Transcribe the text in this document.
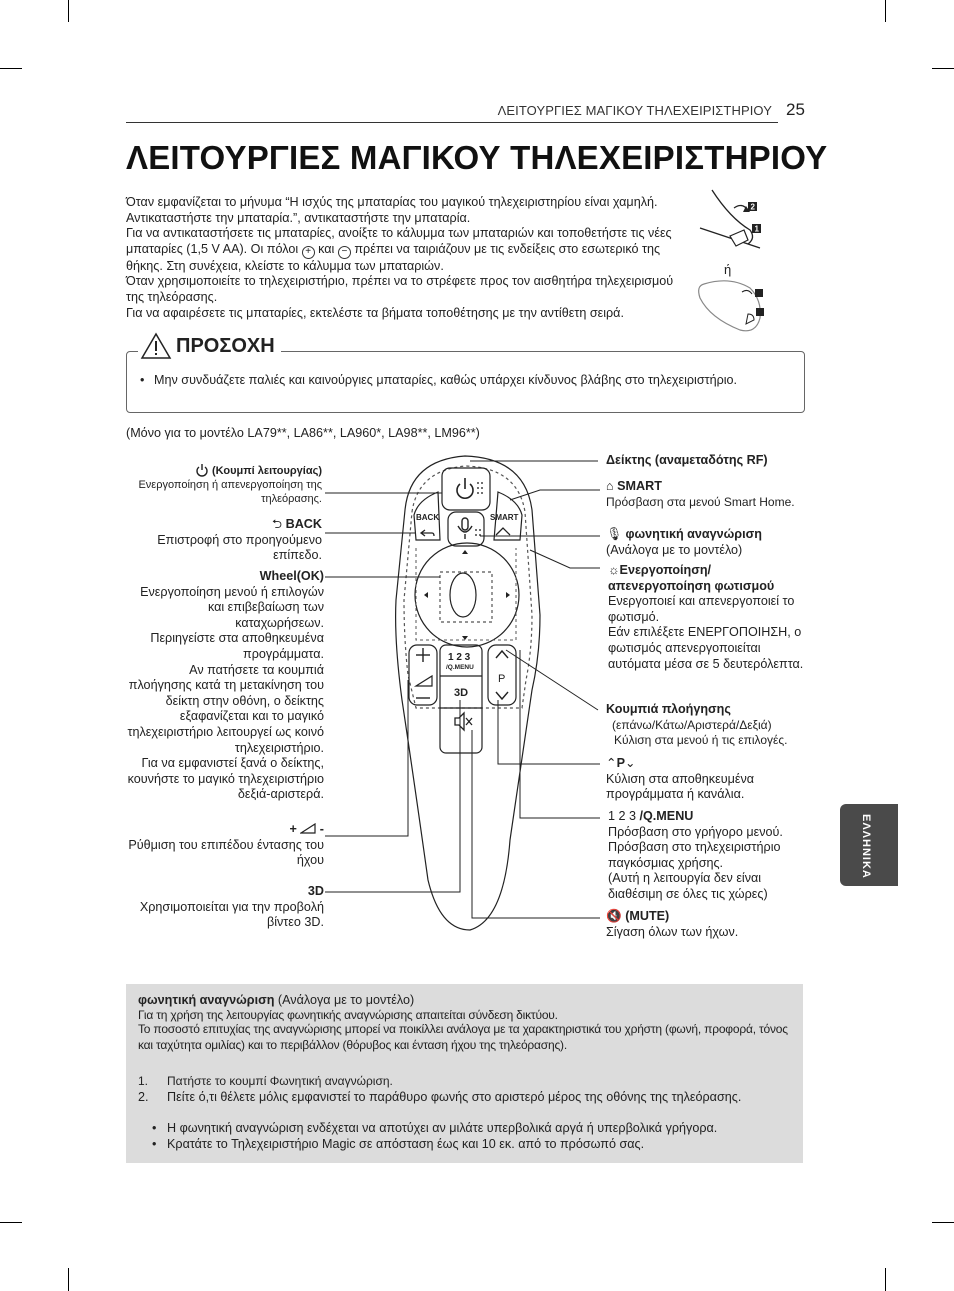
ΛΕΙΤΟΥΡΓΙΕΣ ΜΑΓΙΚΟΥ ΤΗΛΕΧΕΙΡΙΣΤΗΡΙΟΥ 25
ΛΕΙΤΟΥΡΓΙΕΣ ΜΑΓΙΚΟΥ ΤΗΛΕΧΕΙΡΙΣΤΗΡΙΟΥ

Όταν εμφανίζεται το μήνυμα “Η ισχύς της μπαταρίας του μαγικού τηλεχειριστηρίου είναι χαμηλή. Αντικαταστήστε την μπαταρία.”, αντικαταστήστε την μπαταρία.

Για να αντικαταστήσετε τις μπαταρίες, ανοίξτε το κάλυμμα των μπαταριών και τοποθετήστε τις νέες μπαταρίες (1,5 V AA). Οι πόλοι + και − πρέπει να ταιριάζουν με τις ενδείξεις στο εσωτερικό της θήκης. Στη συνέχεια, κλείστε το κάλυμμα των μπαταριών.

Όταν χρησιμοποιείτε το τηλεχειριστήριο, πρέπει να το στρέφετε προς τον αισθητήρα τηλεχειρισμού της τηλεόρασης.

Για να αφαιρέσετε τις μπαταρίες, εκτελέστε τα βήματα τοποθέτησης με την αντίθετη σειρά.

2
1
ή
ΠΡΟΣΟΧΗ
• Μην συνδυάζετε παλιές και καινούργιες μπαταρίες, καθώς υπάρχει κίνδυνος βλάβης στο τηλεχειριστήριο.
(Μόνο για το μοντέλο LA79**, LA86**, LA960*, LA98**, LM96**)
BACK	SMART
1 2 3
/Q.MENU
3D
P
(Κουμπί λειτουργίας)
Ενεργοποίηση ή απενεργοποίηση της τηλεόρασης.
⮌ BACK
Επιστροφή στο προηγούμενο επίπεδο.
Wheel(OK)
Ενεργοποίηση μενού ή επιλογών και επιβεβαίωση των καταχωρήσεων.
Περιηγείστε στα αποθηκευμένα προγράμματα.
Αν πατήσετε τα κουμπιά πλοήγησης κατά τη μετακίνηση του δείκτη στην οθόνη, ο δείκτης εξαφανίζεται και το μαγικό τηλεχειριστήριο λειτουργεί ως κοινό τηλεχειριστήριο.
Για να εμφανιστεί ξανά ο δείκτης, κουνήστε το μαγικό τηλεχειριστήριο δεξιά-αριστερά.
+ -
Ρύθμιση του επιπέδου έντασης του ήχου
3D
Χρησιμοποιείται για την προβολή βίντεο 3D.
Δείκτης (αναμεταδότης RF)
⌂ SMART
Πρόσβαση στα μενού Smart Home.
🎙 φωνητική αναγνώριση
(Ανάλογα με το μοντέλο)
☼Ενεργοποίηση/ απενεργοποίηση φωτισμού
Ενεργοποιεί και απενεργοποιεί το φωτισμό.
Εάν επιλέξετε ΕΝΕΡΓΟΠΟΙΗΣΗ, ο φωτισμός απενεργοποιείται αυτόματα μέσα σε 5 δευτερόλεπτα.
Κουμπιά πλοήγησης
(επάνω/Κάτω/Αριστερά/Δεξιά)
Κύλιση στα μενού ή τις επιλογές.
⌃P⌄
Κύλιση στα αποθηκευμένα προγράμματα ή κανάλια.
1 2 3 /Q.MENU
Πρόσβαση στο γρήγορο μενού.
Πρόσβαση στο τηλεχειριστήριο παγκόσμιας χρήσης.
(Αυτή η λειτουργία δεν είναι διαθέσιμη σε όλες τις χώρες)
🔇 (MUTE)
Σίγαση όλων των ήχων.
ΕΛΛΗΝΙΚΑ
φωνητική αναγνώριση (Ανάλογα με το μοντέλο)
Για τη χρήση της λειτουργίας φωνητικής αναγνώρισης απαιτείται σύνδεση δικτύου.
Το ποσοστό επιτυχίας της αναγνώρισης μπορεί να ποικίλλει ανάλογα με τα χαρακτηριστικά του χρήστη (φωνή, προφορά, τόνος και ταχύτητα ομιλίας) και το περιβάλλον (θόρυβος και ένταση ήχου της τηλεόρασης).
1.	Πατήστε το κουμπί Φωνητική αναγνώριση.
2.	Πείτε ό,τι θέλετε μόλις εμφανιστεί το παράθυρο φωνής στο αριστερό μέρος της οθόνης της τηλεόρασης.
• Η φωνητική αναγνώριση ενδέχεται να αποτύχει αν μιλάτε υπερβολικά αργά ή υπερβολικά γρήγορα.
• Κρατάτε το Τηλεχειριστήριο Magic σε απόσταση έως και 10 εκ. από το πρόσωπό σας.
